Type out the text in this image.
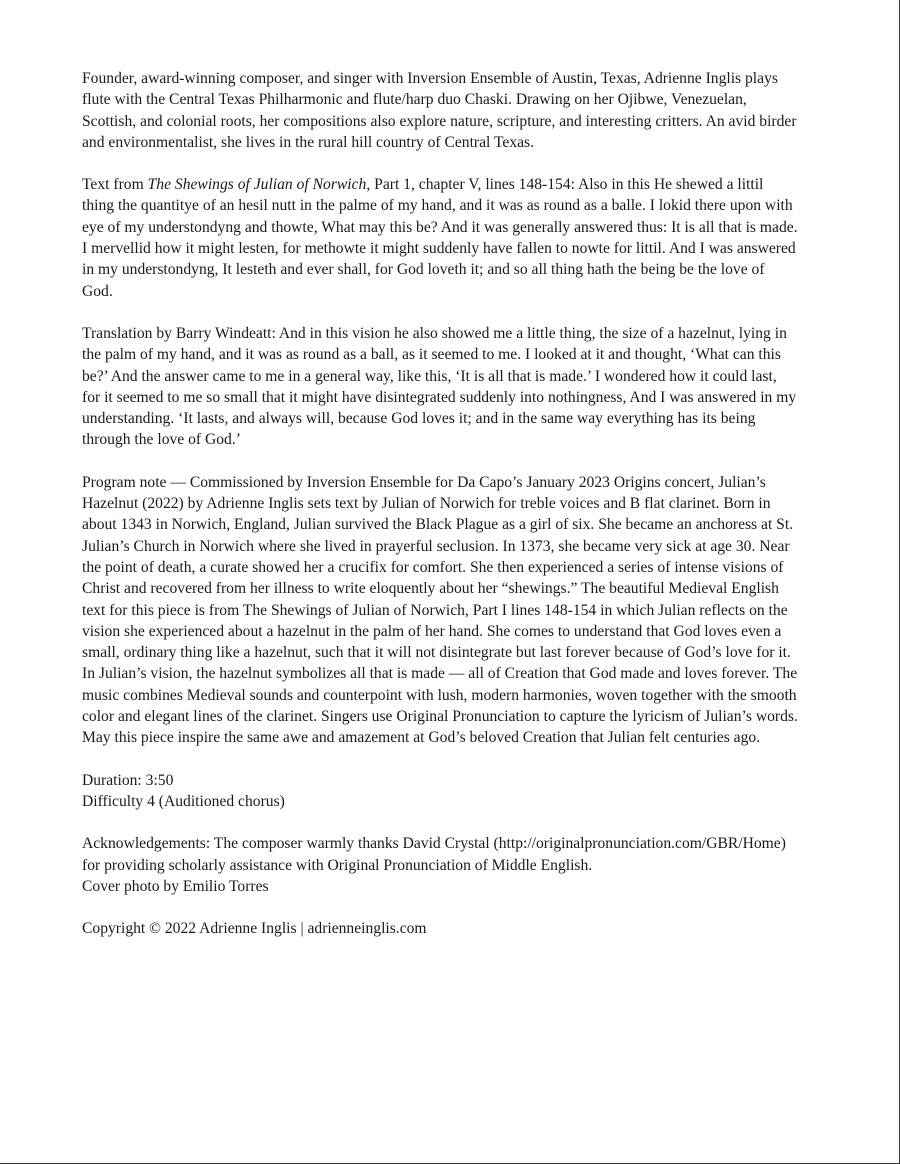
Founder, award-winning composer, and singer with Inversion Ensemble of Austin, Texas, Adrienne Inglis plays flute with the Central Texas Philharmonic and flute/harp duo Chaski. Drawing on her Ojibwe, Venezuelan, Scottish, and colonial roots, her compositions also explore nature, scripture, and interesting critters. An avid birder and environmentalist, she lives in the rural hill country of Central Texas.

Text from The Shewings of Julian of Norwich, Part 1, chapter V, lines 148-154: Also in this He shewed a littil thing the quantitye of an hesil nutt in the palme of my hand, and it was as round as a balle. I lokid there upon with eye of my understondyng and thowte, What may this be? And it was generally answered thus: It is all that is made. I mervellid how it might lesten, for methowte it might suddenly have fallen to nowte for littil. And I was answered in my understondyng, It lesteth and ever shall, for God loveth it; and so all thing hath the being be the love of God.

Translation by Barry Windeatt: And in this vision he also showed me a little thing, the size of a hazelnut, lying in the palm of my hand, and it was as round as a ball, as it seemed to me. I looked at it and thought, ‘What can this be?’ And the answer came to me in a general way, like this, ‘It is all that is made.’ I wondered how it could last, for it seemed to me so small that it might have disintegrated suddenly into nothingness, And I was answered in my understanding. ‘It lasts, and always will, because God loves it; and in the same way everything has its being through the love of God.’

Program note — Commissioned by Inversion Ensemble for Da Capo’s January 2023 Origins concert, Julian’s Hazelnut (2022) by Adrienne Inglis sets text by Julian of Norwich for treble voices and B flat clarinet. Born in about 1343 in Norwich, England, Julian survived the Black Plague as a girl of six. She became an anchoress at St. Julian’s Church in Norwich where she lived in prayerful seclusion. In 1373, she became very sick at age 30. Near the point of death, a curate showed her a crucifix for comfort. She then experienced a series of intense visions of Christ and recovered from her illness to write eloquently about her “shewings.” The beautiful Medieval English text for this piece is from The Shewings of Julian of Norwich, Part I lines 148-154 in which Julian reflects on the vision she experienced about a hazelnut in the palm of her hand. She comes to understand that God loves even a small, ordinary thing like a hazelnut, such that it will not disintegrate but last forever because of God’s love for it. In Julian’s vision, the hazelnut symbolizes all that is made — all of Creation that God made and loves forever. The music combines Medieval sounds and counterpoint with lush, modern harmonies, woven together with the smooth color and elegant lines of the clarinet. Singers use Original Pronunciation to capture the lyricism of Julian’s words. May this piece inspire the same awe and amazement at God’s beloved Creation that Julian felt centuries ago.

Duration: 3:50
Difficulty 4 (Auditioned chorus)
Acknowledgements: The composer warmly thanks David Crystal (http://originalpronunciation.com/GBR/Home) for providing scholarly assistance with Original Pronunciation of Middle English.
Cover photo by Emilio Torres

Copyright © 2022 Adrienne Inglis | adrienneinglis.com
